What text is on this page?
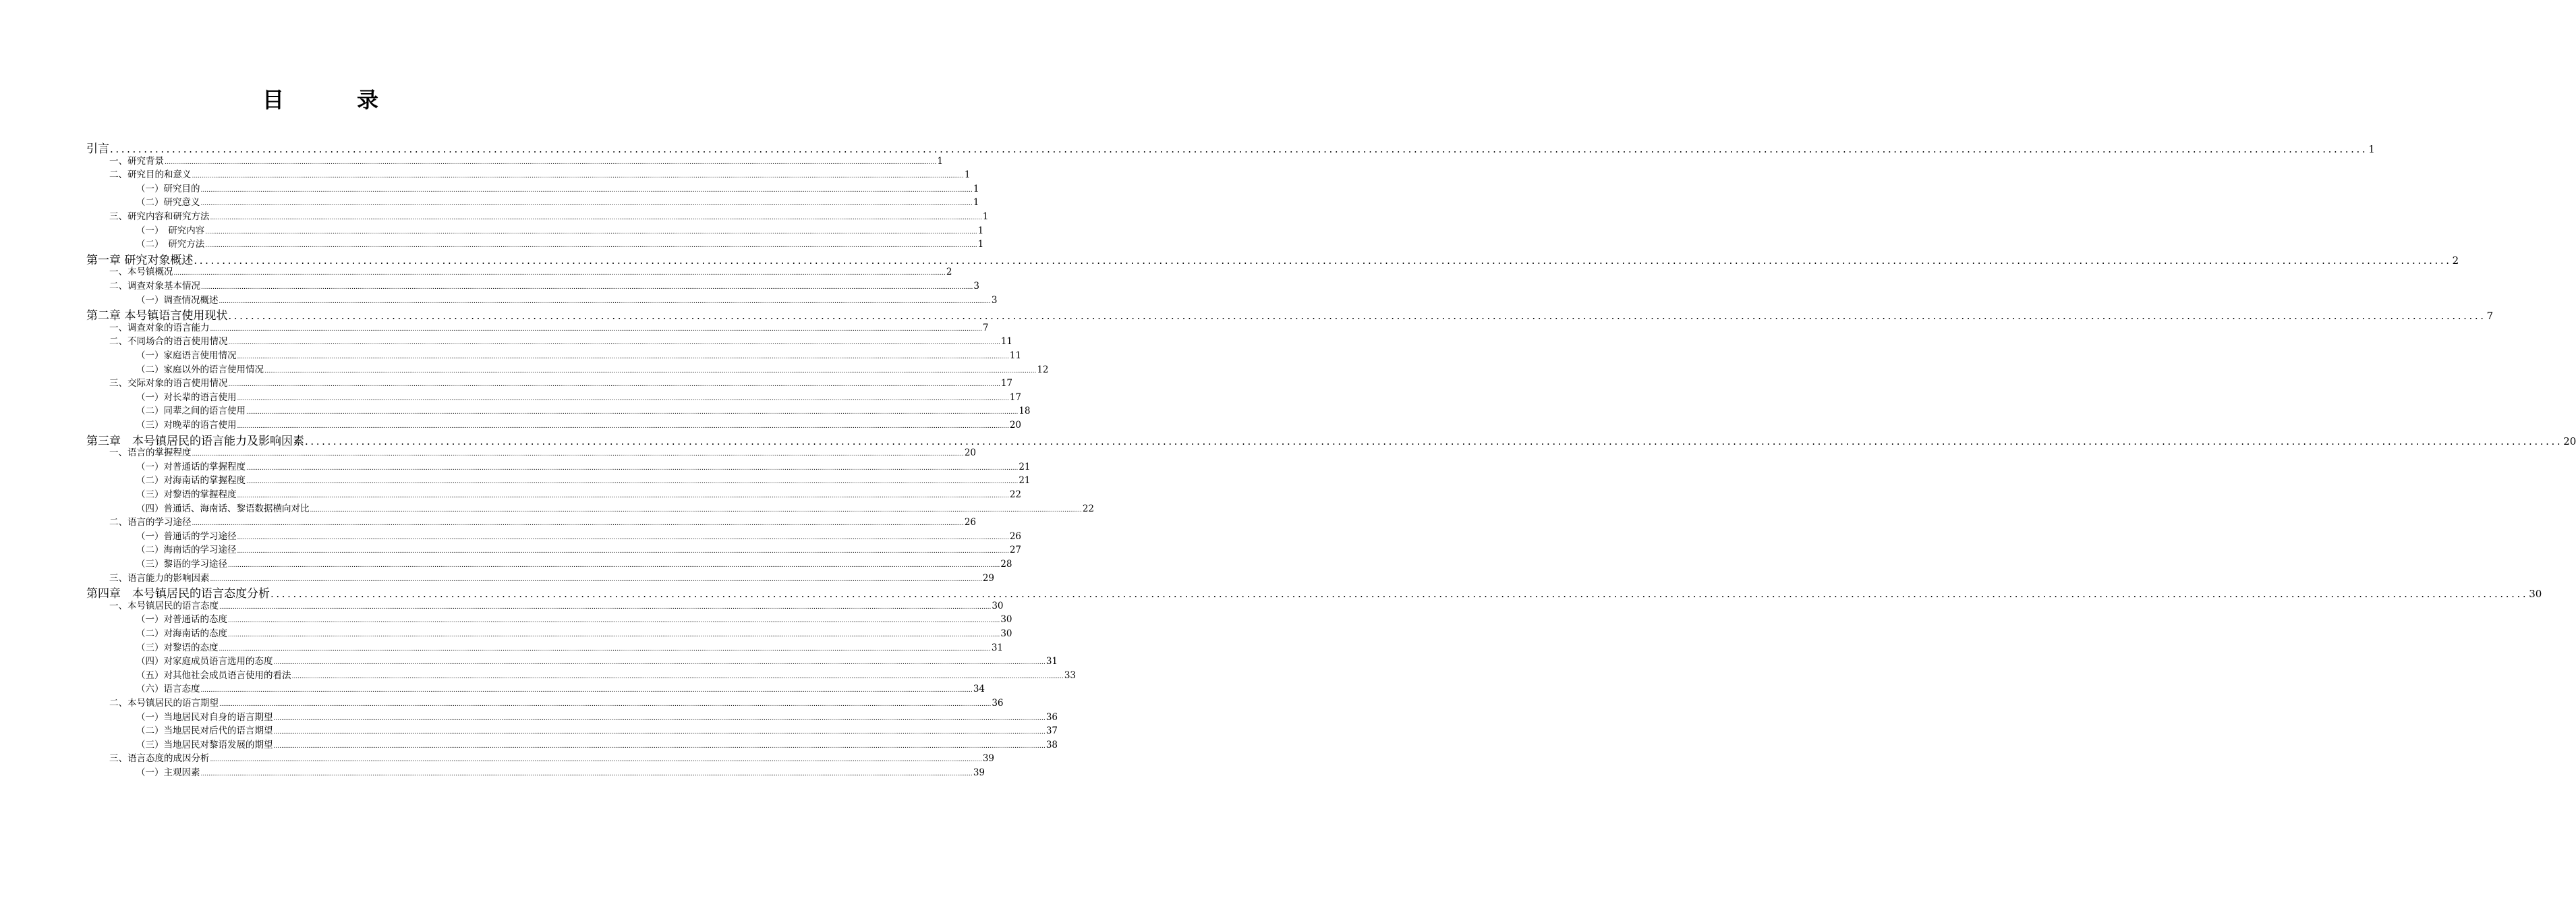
目　录
引言 ................................................................................................................................................................................................................................................................................................................................................................................................................ 1
一、研究背景 ................................................................................................................................................................................................................................................................................................................................................................................................................ 1
二、研究目的和意义 ................................................................................................................................................................................................................................................................................................................................................................................................................ 1
（一）研究目的 ................................................................................................................................................................................................................................................................................................................................................................................................................ 1
（二）研究意义 ................................................................................................................................................................................................................................................................................................................................................................................................................ 1
三、研究内容和研究方法 ................................................................................................................................................................................................................................................................................................................................................................................................................ 1
（一）　研究内容 ................................................................................................................................................................................................................................................................................................................................................................................................................ 1
（二）　研究方法 ................................................................................................................................................................................................................................................................................................................................................................................................................ 1
第一章 研究对象概述 ................................................................................................................................................................................................................................................................................................................................................................................................................ 2
一、本号镇概况 ................................................................................................................................................................................................................................................................................................................................................................................................................ 2
二、调查对象基本情况 ................................................................................................................................................................................................................................................................................................................................................................................................................ 3
（一）调查情况概述 ................................................................................................................................................................................................................................................................................................................................................................................................................ 3
第二章 本号镇语言使用现状 ................................................................................................................................................................................................................................................................................................................................................................................................................ 7
一、调查对象的语言能力 ................................................................................................................................................................................................................................................................................................................................................................................................................ 7
二、不同场合的语言使用情况 ................................................................................................................................................................................................................................................................................................................................................................................................................ 11
（一）家庭语言使用情况 ................................................................................................................................................................................................................................................................................................................................................................................................................ 11
（二）家庭以外的语言使用情况 ................................................................................................................................................................................................................................................................................................................................................................................................................ 12
三、交际对象的语言使用情况 ................................................................................................................................................................................................................................................................................................................................................................................................................ 17
（一）对长辈的语言使用 ................................................................................................................................................................................................................................................................................................................................................................................................................ 17
（二）同辈之间的语言使用 ................................................................................................................................................................................................................................................................................................................................................................................................................ 18
（三）对晚辈的语言使用 ................................................................................................................................................................................................................................................................................................................................................................................................................ 20
第三章　本号镇居民的语言能力及影响因素 ................................................................................................................................................................................................................................................................................................................................................................................................................ 20
一、语言的掌握程度 ................................................................................................................................................................................................................................................................................................................................................................................................................ 20
（一）对普通话的掌握程度 ................................................................................................................................................................................................................................................................................................................................................................................................................ 21
（二）对海南话的掌握程度 ................................................................................................................................................................................................................................................................................................................................................................................................................ 21
（三）对黎语的掌握程度 ................................................................................................................................................................................................................................................................................................................................................................................................................ 22
（四）普通话、海南话、黎语数据横向对比 ................................................................................................................................................................................................................................................................................................................................................................................................................ 22
二、语言的学习途径 ................................................................................................................................................................................................................................................................................................................................................................................................................ 26
（一）普通话的学习途径 ................................................................................................................................................................................................................................................................................................................................................................................................................ 26
（二）海南话的学习途径 ................................................................................................................................................................................................................................................................................................................................................................................................................ 27
（三）黎语的学习途径 ................................................................................................................................................................................................................................................................................................................................................................................................................ 28
三、语言能力的影响因素 ................................................................................................................................................................................................................................................................................................................................................................................................................ 29
第四章　本号镇居民的语言态度分析 ................................................................................................................................................................................................................................................................................................................................................................................................................ 30
一、本号镇居民的语言态度 ................................................................................................................................................................................................................................................................................................................................................................................................................ 30
（一）对普通话的态度 ................................................................................................................................................................................................................................................................................................................................................................................................................ 30
（二）对海南话的态度 ................................................................................................................................................................................................................................................................................................................................................................................................................ 30
（三）对黎语的态度 ................................................................................................................................................................................................................................................................................................................................................................................................................ 31
（四）对家庭成员语言选用的态度 ................................................................................................................................................................................................................................................................................................................................................................................................................ 31
（五）对其他社会成员语言使用的看法 ................................................................................................................................................................................................................................................................................................................................................................................................................ 33
（六）语言态度 ................................................................................................................................................................................................................................................................................................................................................................................................................ 34
二、本号镇居民的语言期望 ................................................................................................................................................................................................................................................................................................................................................................................................................ 36
（一）当地居民对自身的语言期望 ................................................................................................................................................................................................................................................................................................................................................................................................................ 36
（二）当地居民对后代的语言期望 ................................................................................................................................................................................................................................................................................................................................................................................................................ 37
（三）当地居民对黎语发展的期望 ................................................................................................................................................................................................................................................................................................................................................................................................................ 38
三、语言态度的成因分析 ................................................................................................................................................................................................................................................................................................................................................................................................................ 39
（一）主观因素 ................................................................................................................................................................................................................................................................................................................................................................................................................ 39
